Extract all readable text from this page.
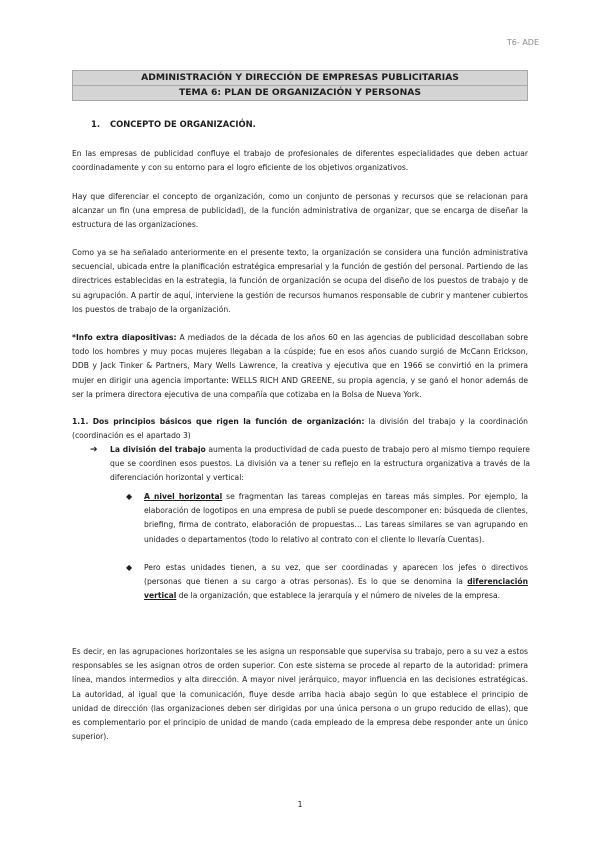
T6- ADE
ADMINISTRACIÓN Y DIRECCIÓN DE EMPRESAS PUBLICITARIAS
TEMA 6: PLAN DE ORGANIZACIÓN Y PERSONAS
1. CONCEPTO DE ORGANIZACIÓN.
En las empresas de publicidad confluye el trabajo de profesionales de diferentes especialidades que deben actuar coordinadamente y con su entorno para el logro eficiente de los objetivos organizativos.
Hay que diferenciar el concepto de organización, como un conjunto de personas y recursos que se relacionan para alcanzar un fin (una empresa de publicidad), de la función administrativa de organizar, que se encarga de diseñar la estructura de las organizaciones.
Como ya se ha señalado anteriormente en el presente texto, la organización se considera una función administrativa secuencial, ubicada entre la planificación estratégica empresarial y la función de gestión del personal. Partiendo de las directrices establecidas en la estrategia, la función de organización se ocupa del diseño de los puestos de trabajo y de su agrupación. A partir de aquí, interviene la gestión de recursos humanos responsable de cubrir y mantener cubiertos los puestos de trabajo de la organización.
*Info extra diapositivas: A mediados de la década de los años 60 en las agencias de publicidad descollaban sobre todo los hombres y muy pocas mujeres llegaban a la cúspide; fue en esos años cuando surgió de McCann Erickson, DDB y Jack Tinker & Partners, Mary Wells Lawrence, la creativa y ejecutiva que en 1966 se convirtió en la primera mujer en dirigir una agencia importante: WELLS RICH AND GREENE, su propia agencia, y se ganó el honor además de ser la primera directora ejecutiva de una compañía que cotizaba en la Bolsa de Nueva York.
1.1. Dos principios básicos que rigen la función de organización: la división del trabajo y la coordinación (coordinación es el apartado 3)
➔ La división del trabajo aumenta la productividad de cada puesto de trabajo pero al mismo tiempo requiere que se coordinen esos puestos. La división va a tener su reflejo en la estructura organizativa a través de la diferenciación horizontal y vertical:
◆ A nivel horizontal se fragmentan las tareas complejas en tareas más simples. Por ejemplo, la elaboración de logotipos en una empresa de publi se puede descomponer en: búsqueda de clientes, briefing, firma de contrato, elaboración de propuestas… Las tareas similares se van agrupando en unidades o departamentos (todo lo relativo al contrato con el cliente lo llevaría Cuentas).
◆ Pero estas unidades tienen, a su vez, que ser coordinadas y aparecen los jefes o directivos (personas que tienen a su cargo a otras personas). Es lo que se denomina la diferenciación vertical de la organización, que establece la jerarquía y el número de niveles de la empresa.
Es decir, en las agrupaciones horizontales se les asigna un responsable que supervisa su trabajo, pero a su vez a estos responsables se les asignan otros de orden superior. Con este sistema se procede al reparto de la autoridad: primera línea, mandos intermedios y alta dirección. A mayor nivel jerárquico, mayor influencia en las decisiones estratégicas. La autoridad, al igual que la comunicación, fluye desde arriba hacia abajo según lo que establece el principio de unidad de dirección (las organizaciones deben ser dirigidas por una única persona o un grupo reducido de ellas), que es complementario por el principio de unidad de mando (cada empleado de la empresa debe responder ante un único superior).
1
